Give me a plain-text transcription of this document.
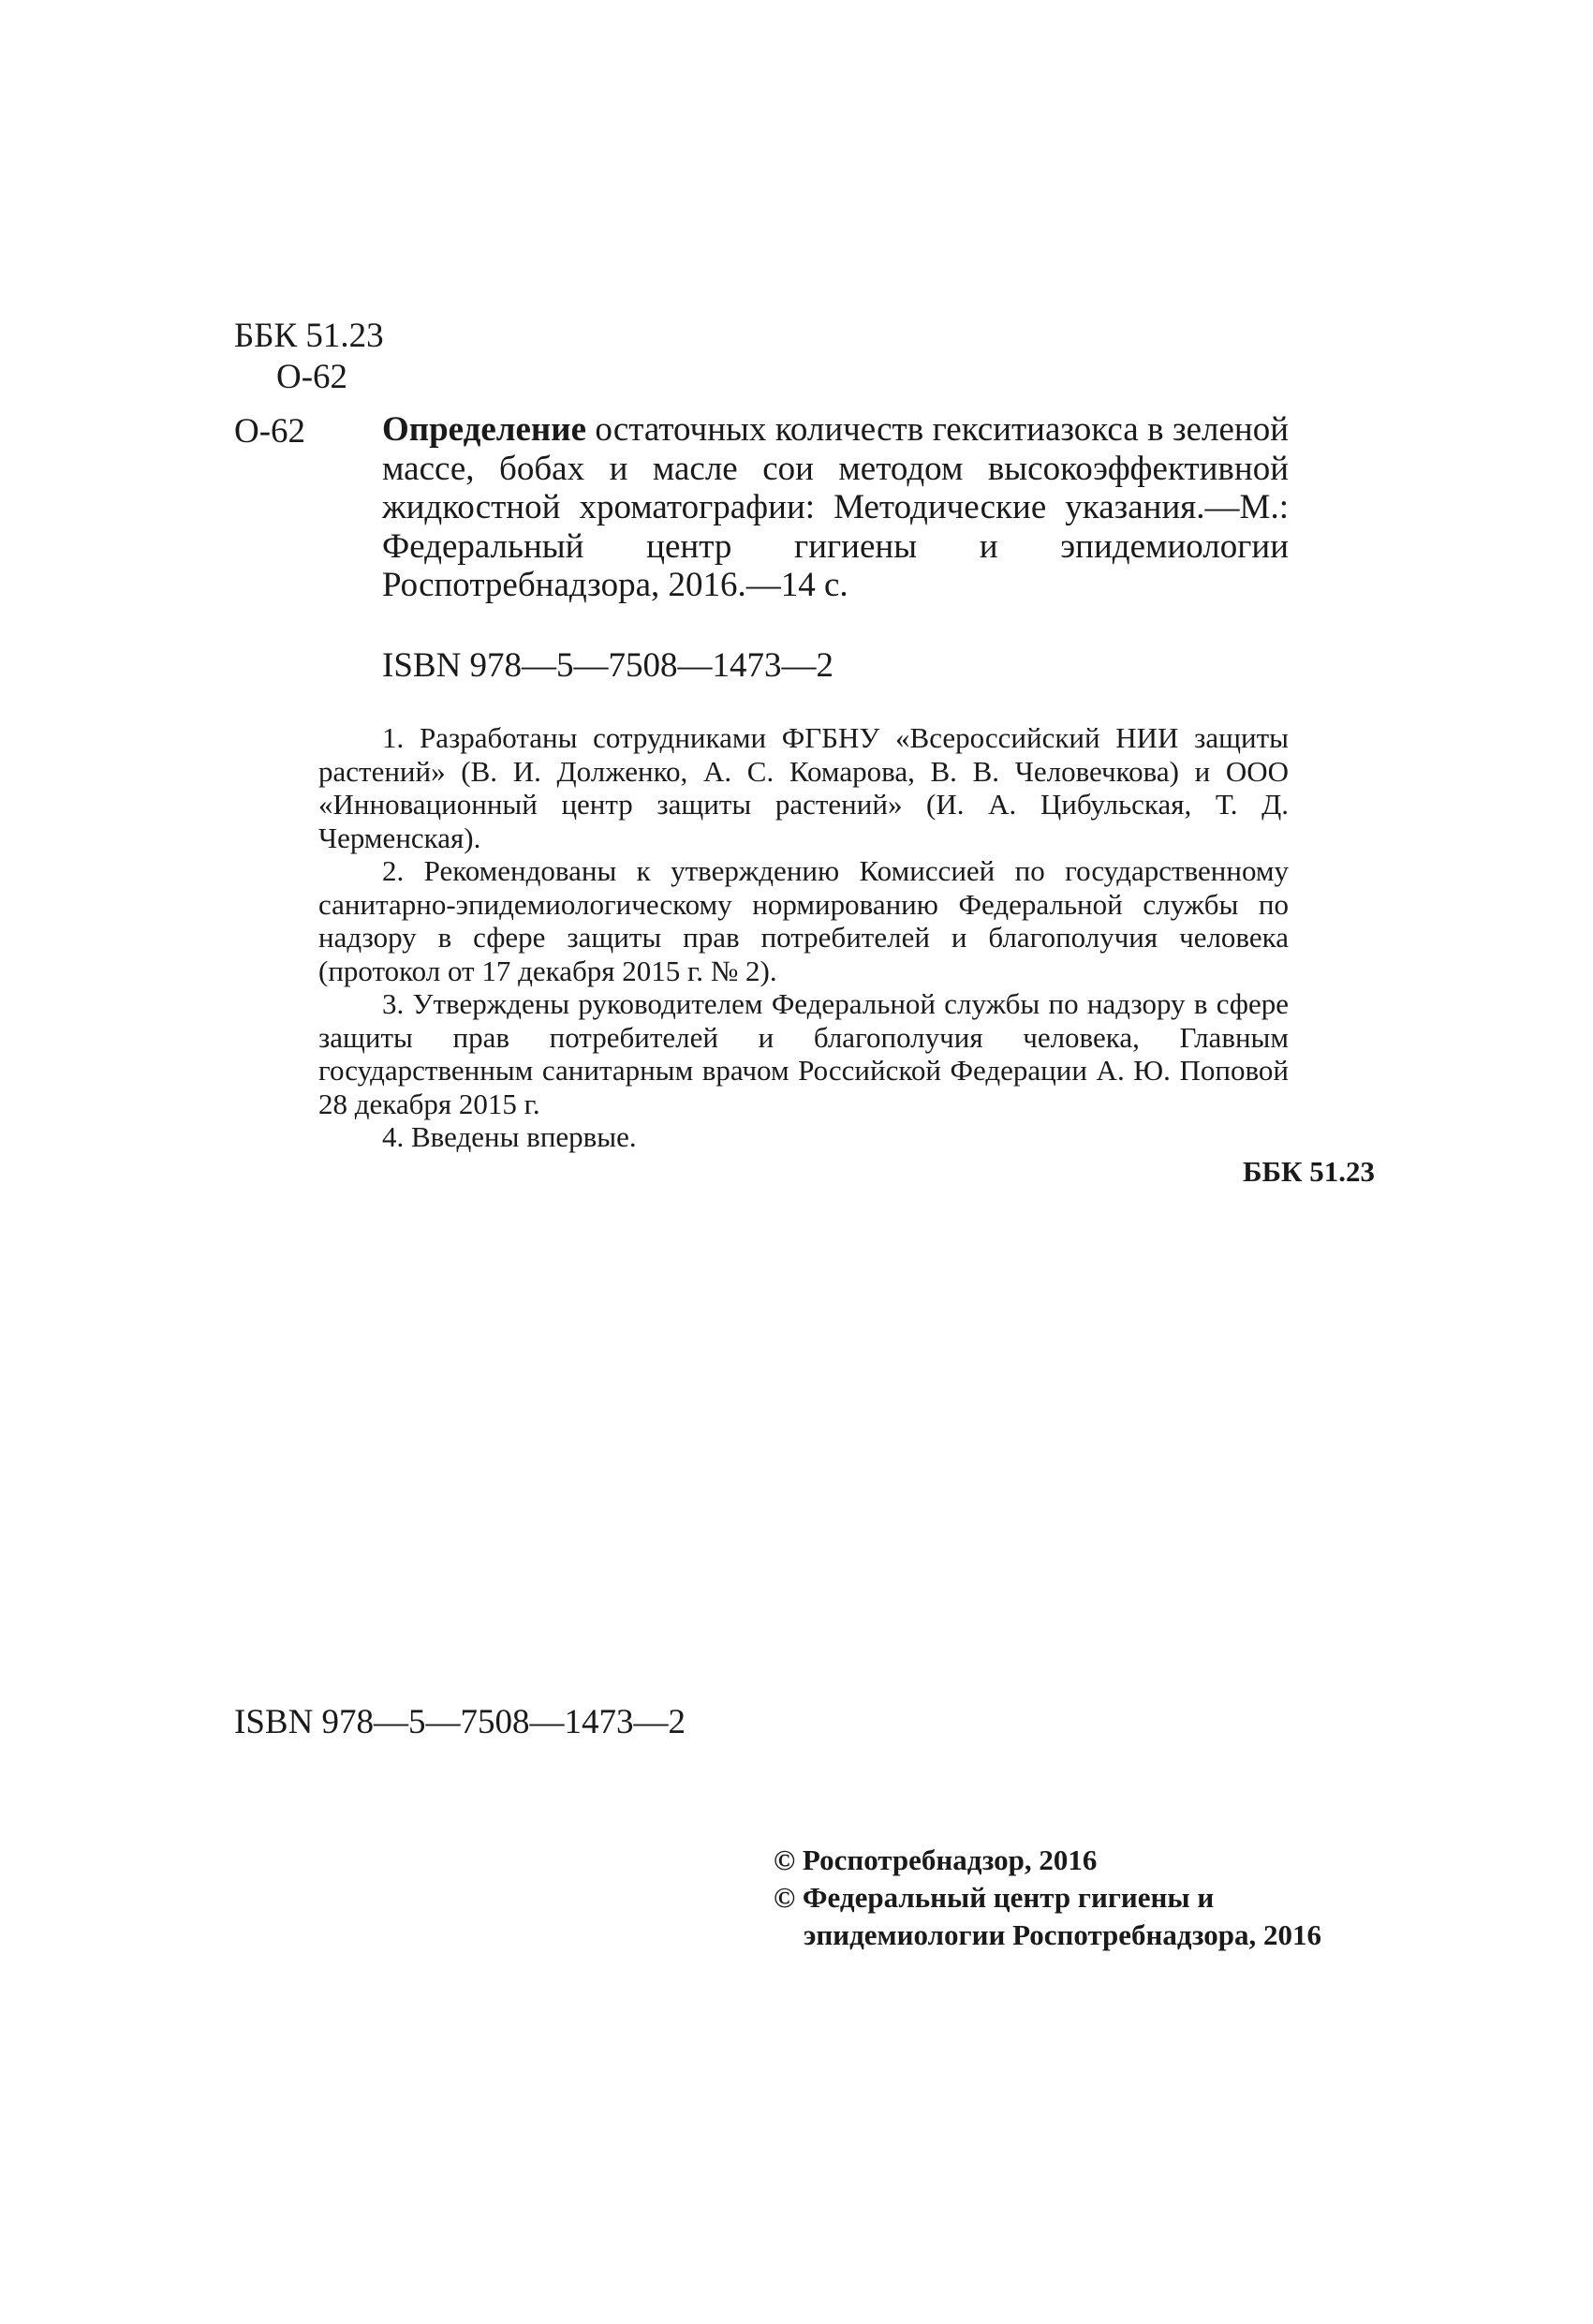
ББК 51.23
О-62
О-62 Определение остаточных количеств гекситиазокса в зеленой массе, бобах и масле сои методом высокоэффективной жидкостной хроматографии: Методические указания.—М.: Федеральный центр гигиены и эпидемиологии Роспотребнадзора, 2016.—14 с.
ISBN 978—5—7508—1473—2

1. Разработаны сотрудниками ФГБНУ «Всероссийский НИИ защиты растений» (В. И. Долженко, А. С. Комарова, В. В. Человечкова) и ООО «Инновационный центр защиты растений» (И. А. Цибульская, Т. Д. Черменская).

2. Рекомендованы к утверждению Комиссией по государственному санитарно-эпидемиологическому нормированию Федеральной службы по надзору в сфере защиты прав потребителей и благополучия человека (протокол от 17 декабря 2015 г. № 2).

3. Утверждены руководителем Федеральной службы по надзору в сфере защиты прав потребителей и благополучия человека, Главным государственным санитарным врачом Российской Федерации А. Ю. Поповой 28 декабря 2015 г.

4. Введены впервые.

ББК 51.23
ISBN 978—5—7508—1473—2
© Роспотребнадзор, 2016
© Федеральный центр гигиены и
эпидемиологии Роспотребнадзора, 2016
